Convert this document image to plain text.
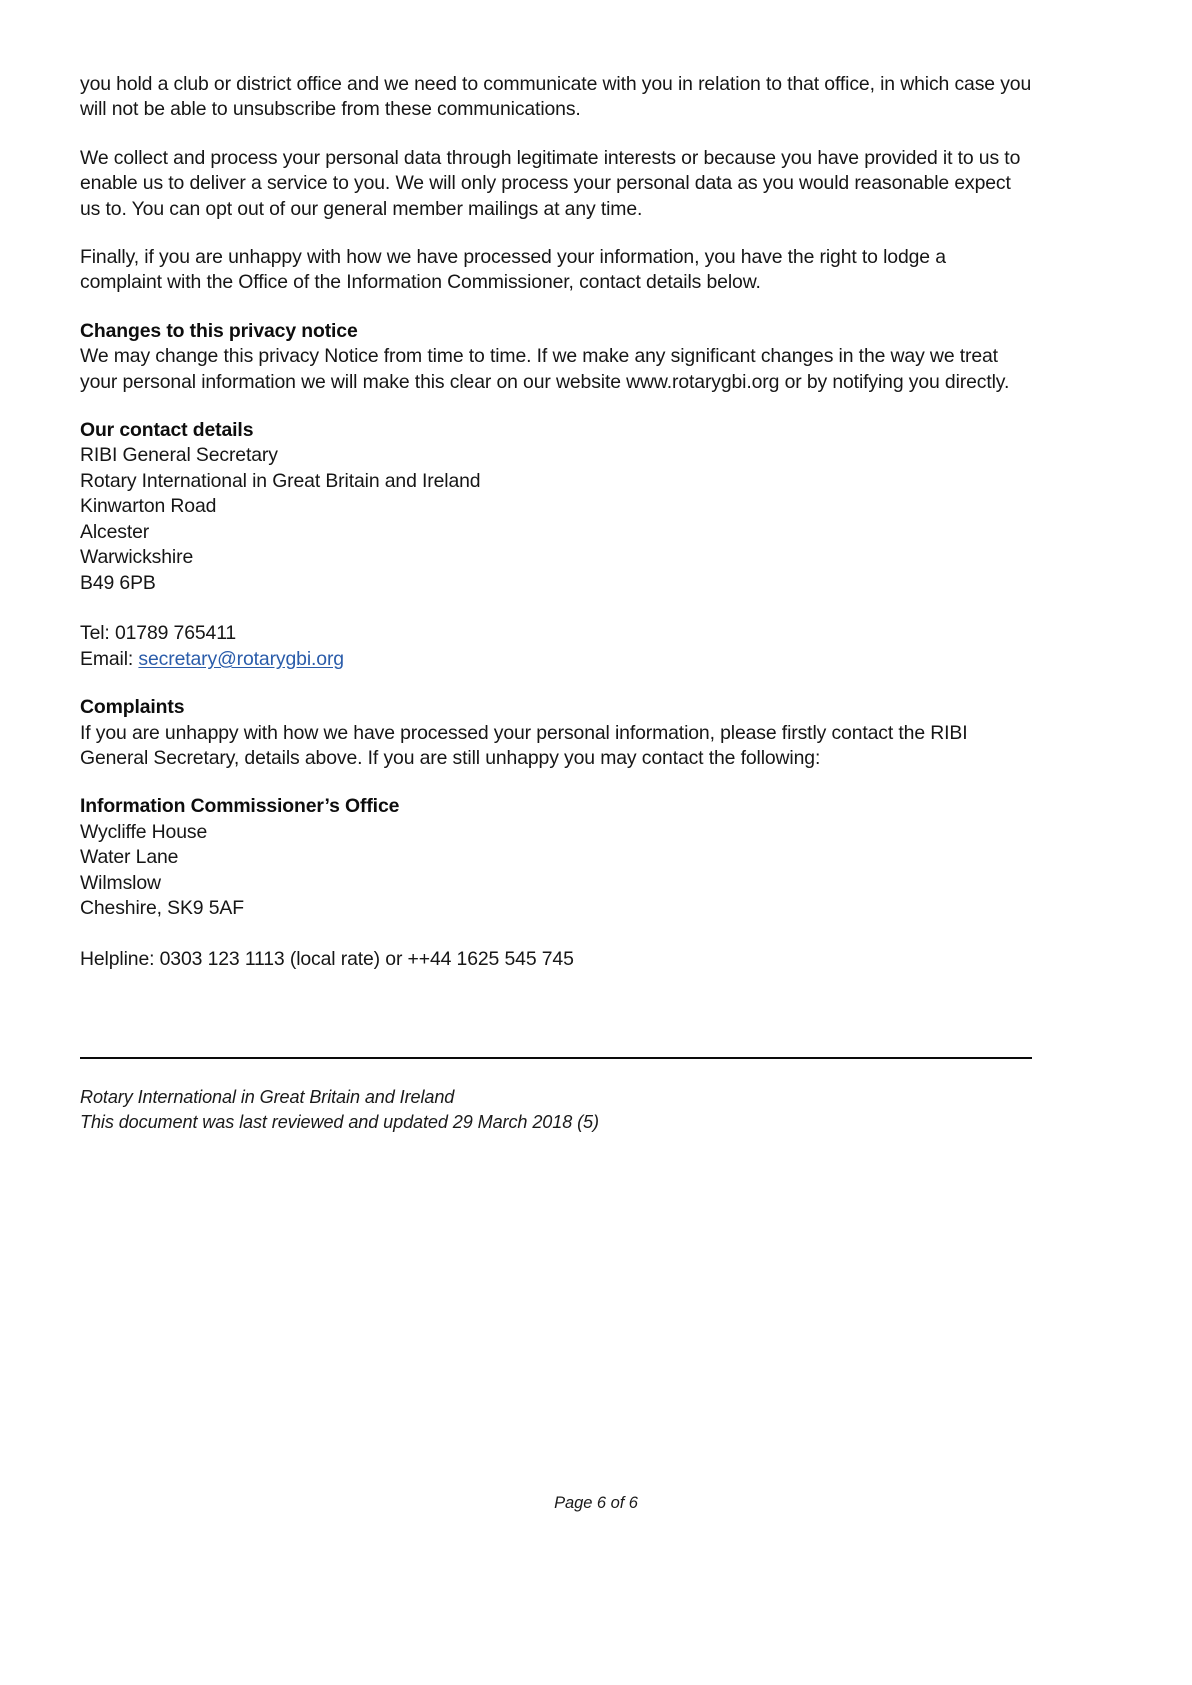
you hold a club or district office and we need to communicate with you in relation to that office, in which case you will not be able to unsubscribe from these communications.

We collect and process your personal data through legitimate interests or because you have provided it to us to enable us to deliver a service to you. We will only process your personal data as you would reasonable expect us to. You can opt out of our general member mailings at any time.

Finally, if you are unhappy with how we have processed your information, you have the right to lodge a complaint with the Office of the Information Commissioner, contact details below.

Changes to this privacy notice

We may change this privacy Notice from time to time. If we make any significant changes in the way we treat your personal information we will make this clear on our website www.rotarygbi.org or by notifying you directly.

Our contact details

RIBI General Secretary

Rotary International in Great Britain and Ireland

Kinwarton Road

Alcester

Warwickshire

B49 6PB

Tel: 01789 765411

Email: secretary@rotarygbi.org

Complaints

If you are unhappy with how we have processed your personal information, please firstly contact the RIBI General Secretary, details above. If you are still unhappy you may contact the following:

Information Commissioner’s Office

Wycliffe House

Water Lane

Wilmslow

Cheshire, SK9 5AF

Helpline: 0303 123 1113 (local rate) or ++44 1625 545 745

Rotary International in Great Britain and Ireland

This document was last reviewed and updated 29 March 2018 (5)

Page 6 of 6
